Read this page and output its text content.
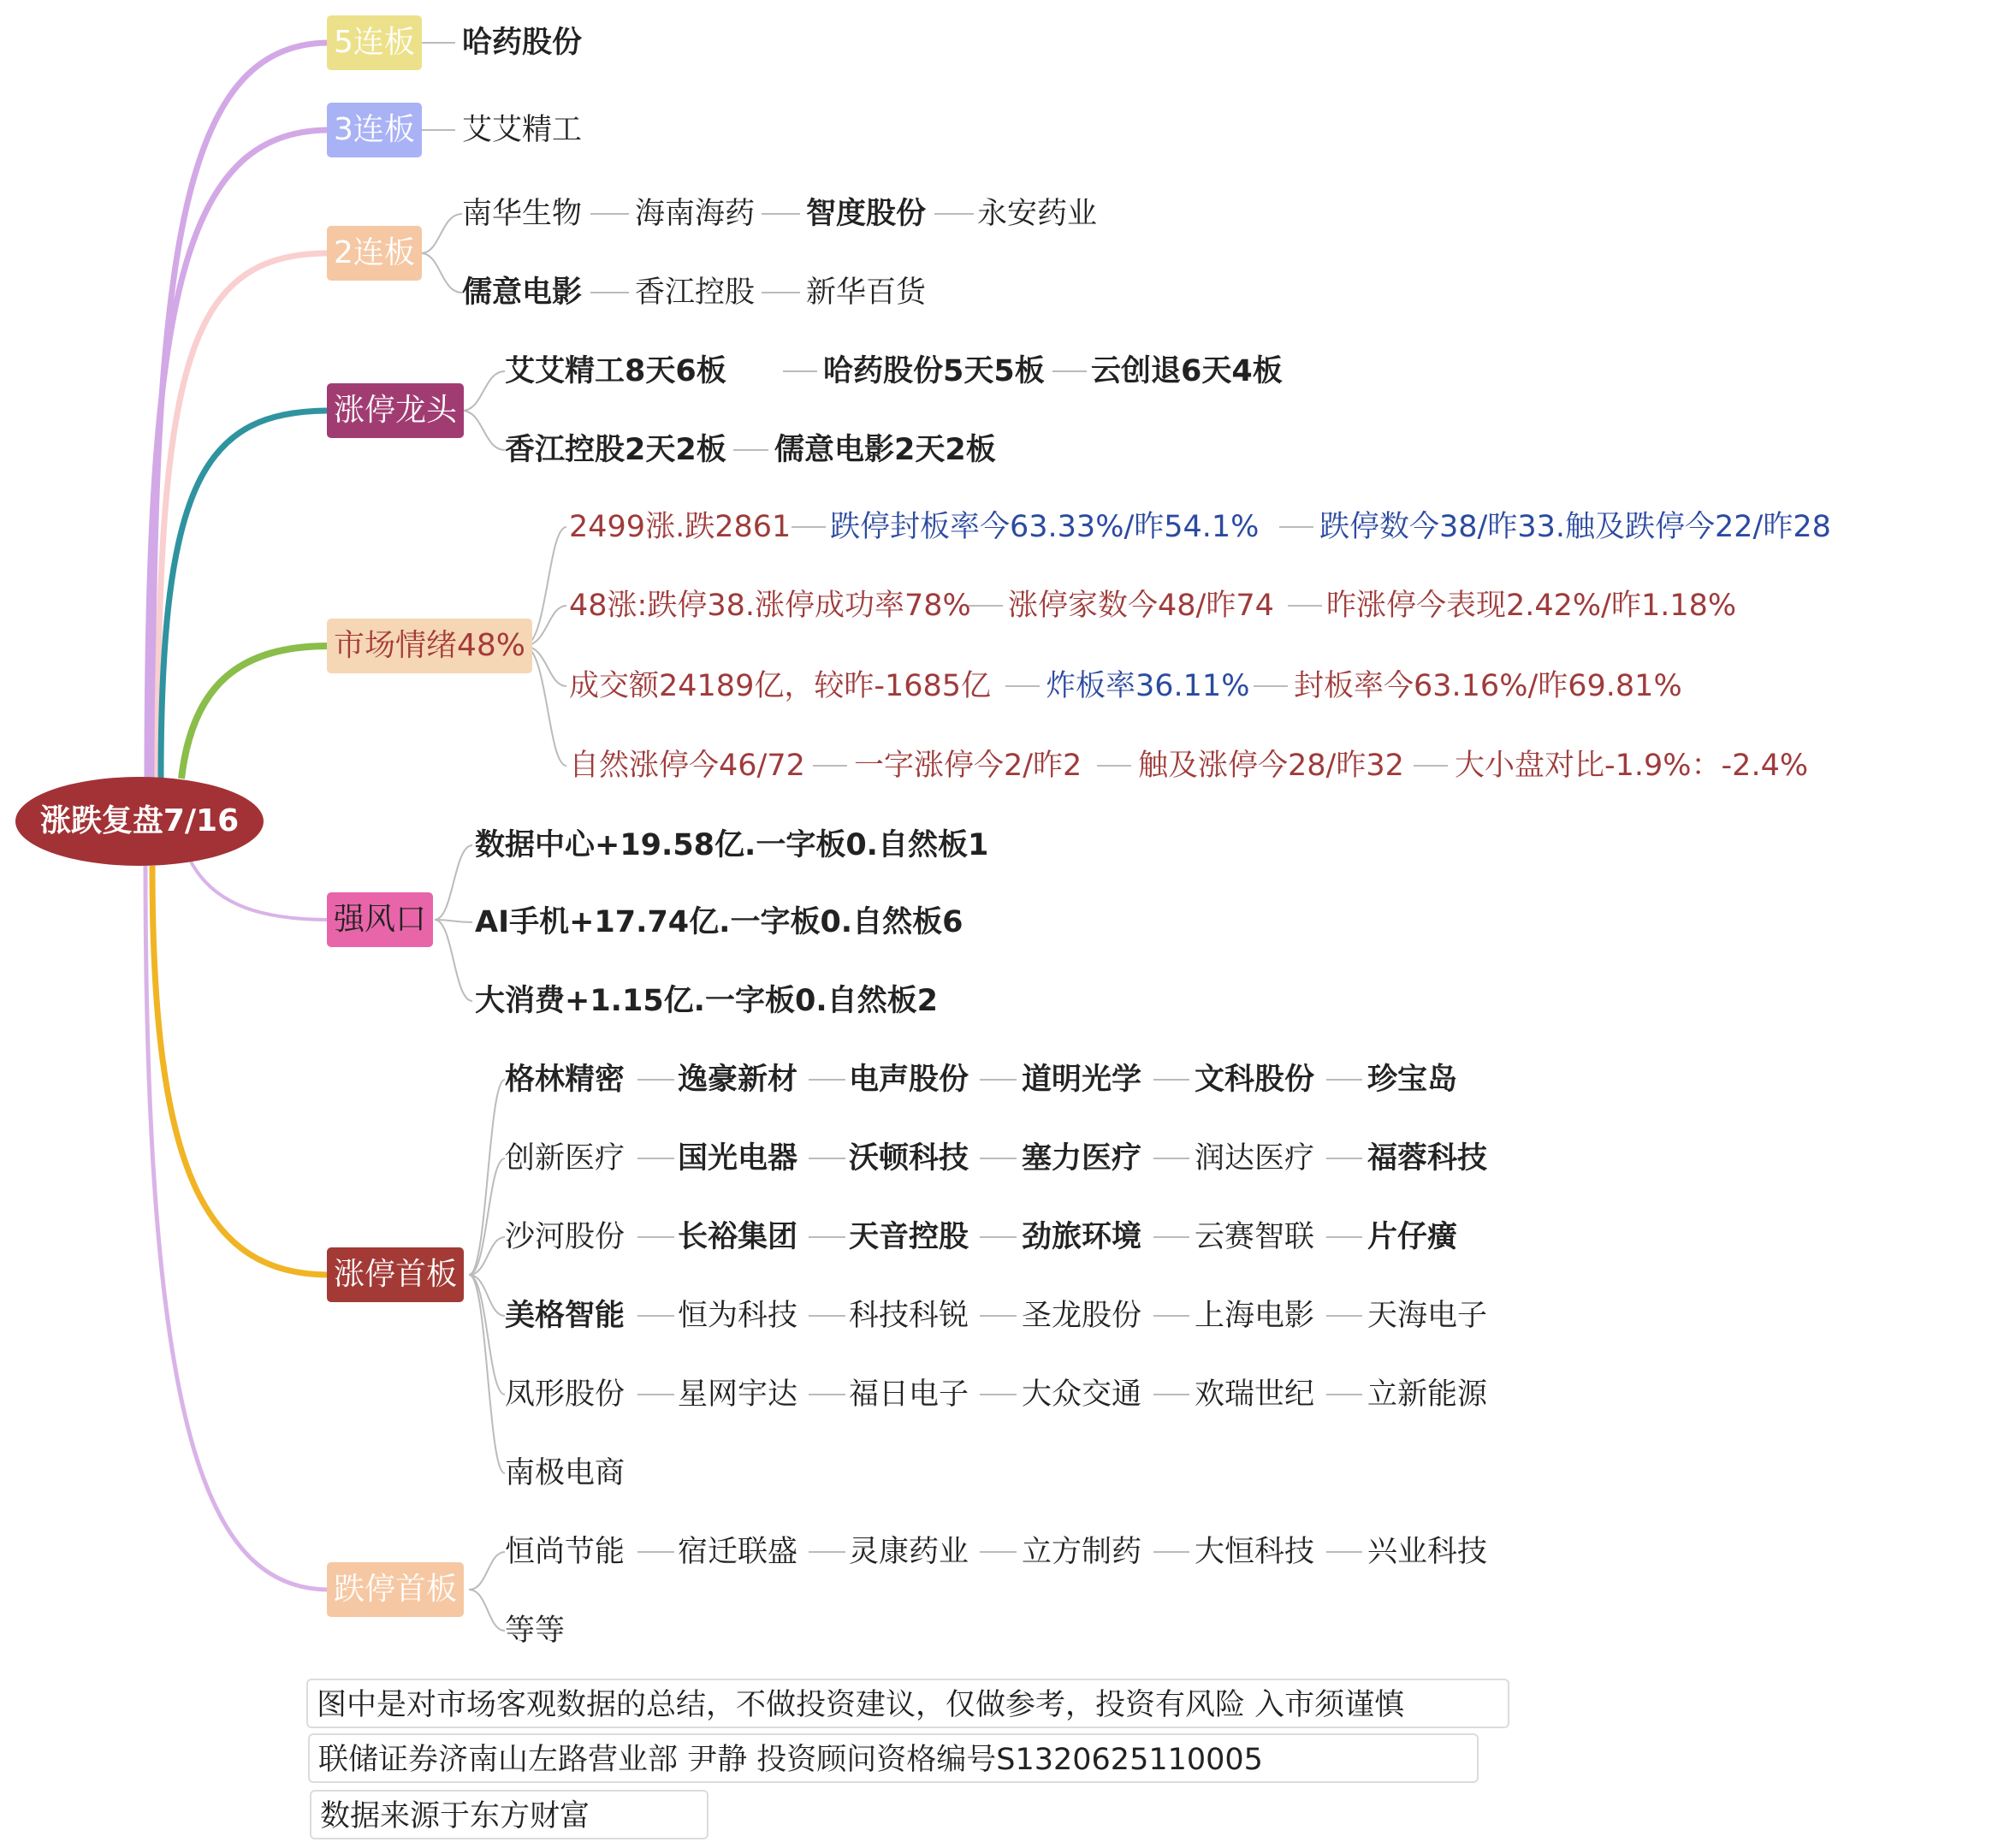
涨跌复盘7/16
5连板
3连板
2连板
涨停龙头
市场情绪48%
强风口
涨停首板
跌停首板
哈药股份
艾艾精工
南华生物 海南海药 智度股份 永安药业
儒意电影 香江控股 新华百货
艾艾精工8天6板	哈药股份5天5板 云创退6天4板
香江控股2天2板 儒意电影2天2板
2499涨.跌2861 跌停封板率今63.33%/昨54.1% 跌停数今38/昨33.触及跌停今22/昨28
48涨:跌停38.涨停成功率78% 涨停家数今48/昨74 昨涨停今表现2.42%/昨1.18%
成交额24189亿，较昨-1685亿 炸板率36.11% 封板率今63.16%/昨69.81%
自然涨停今46/72 一字涨停今2/昨2 触及涨停今28/昨32 大小盘对比-1.9%：-2.4%
数据中心+19.58亿.一字板0.自然板1
AI手机+17.74亿.一字板0.自然板6
大消费+1.15亿.一字板0.自然板2
格林精密 逸豪新材 电声股份 道明光学 文科股份 珍宝岛
创新医疗 国光电器 沃顿科技 塞力医疗 润达医疗 福蓉科技
沙河股份 长裕集团 天音控股 劲旅环境 云赛智联 片仔癀
美格智能 恒为科技 科技科锐 圣龙股份 上海电影 天海电子
凤形股份 星网宇达 福日电子 大众交通 欢瑞世纪 立新能源
南极电商
恒尚节能 宿迁联盛 灵康药业 立方制药 大恒科技 兴业科技
等等
图中是对市场客观数据的总结，不做投资建议，仅做参考，投资有风险 入市须谨慎
联储证券济南山左路营业部 尹静 投资顾问资格编号S1320625110005
数据来源于东方财富
